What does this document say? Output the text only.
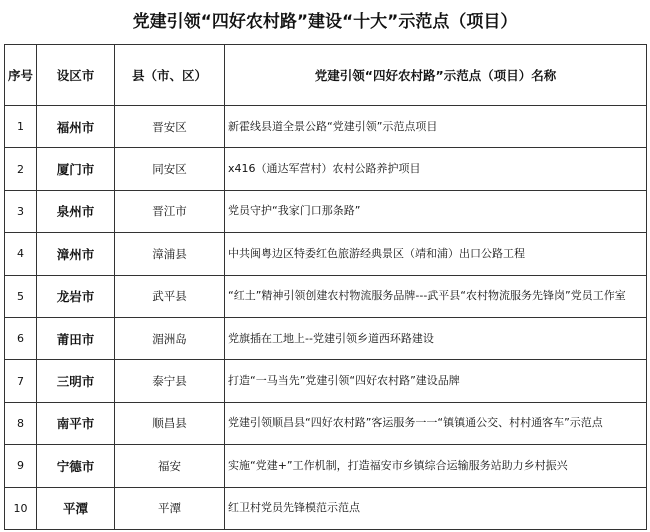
党建引领“四好农村路”建设“十大”示范点（项目）
序号	设区市	县（市、区）	党建引领“四好农村路”示范点（项目）名称
1	福州市	晋安区	新霍线县道全景公路“党建引领”示范点项目
2	厦门市	同安区	x416（通达军营村）农村公路养护项目
3	泉州市	晋江市	党员守护“我家门口那条路”
4	漳州市	漳浦县	中共闽粤边区特委红色旅游经典景区（靖和浦）出口公路工程
5	龙岩市	武平县	“红土”精神引领创建农村物流服务品牌---武平县“农村物流服务先锋岗”党员工作室
6	莆田市	湄洲岛	党旗插在工地上--党建引领乡道西环路建设
7	三明市	泰宁县	打造“一马当先”党建引领“四好农村路”建设品牌
8	南平市	顺昌县	党建引领顺昌县“四好农村路”客运服务一一“镇镇通公交、村村通客车”示范点
9	宁德市	福安	实施“党建+”工作机制，打造福安市乡镇综合运输服务站助力乡村振兴
10	平潭	平潭	红卫村党员先锋模范示范点
